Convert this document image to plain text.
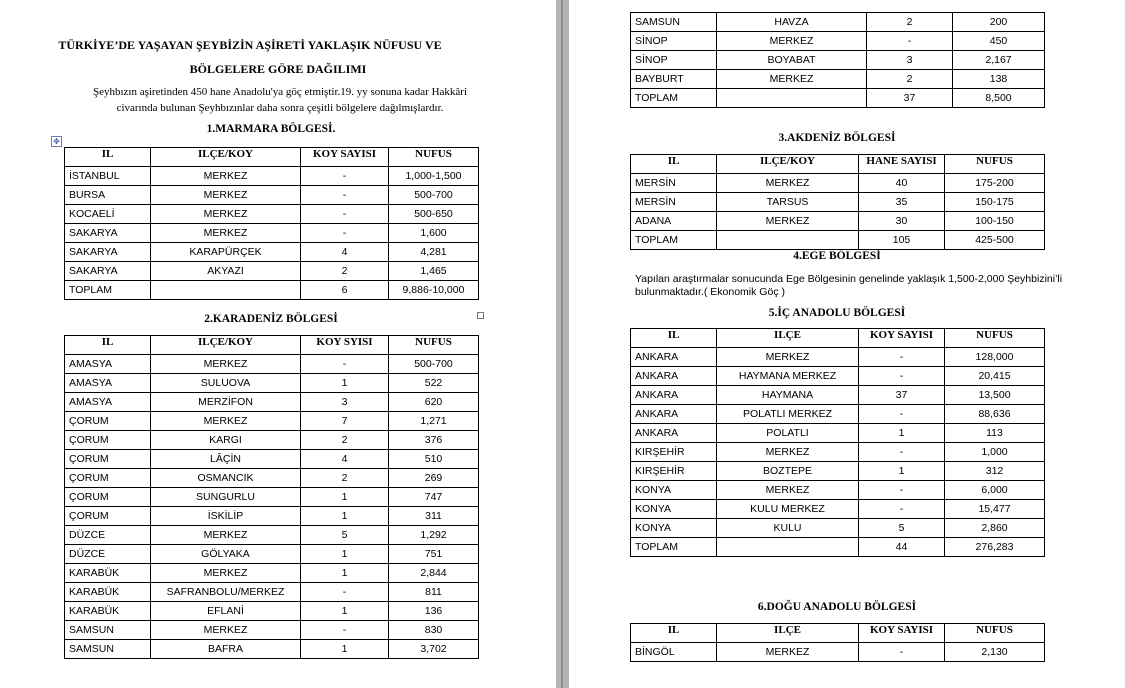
TÜRKİYE’DE YAŞAYAN ŞEYBİZİN AŞİRETİ YAKLAŞIK NÜFUSU VE
BÖLGELERE GÖRE DAĞILIMI
Şeyhbızın aşiretinden 450 hane Anadolu'ya göç etmiştir.19. yy sonuna kadar Hakkâri
civarında bulunan Şeyhbızınlar daha sonra çeşitli bölgelere dağılmışlardır.
1.MARMARA BÖLGESİ.
✥
IL	ILÇE/KOY	KOY SAYISI	NUFUS
İSTANBUL	MERKEZ	-	1,000-1,500
BURSA	MERKEZ	-	500-700
KOCAELİ	MERKEZ	-	500-650
SAKARYA	MERKEZ	-	1,600
SAKARYA	KARAPÜRÇEK	4	4,281
SAKARYA	AKYAZI	2	1,465
TOPLAM		6	9,886-10,000
2.KARADENİZ BÖLGESİ
IL	ILÇE/KOY	KOY SYISI	NUFUS
AMASYA	MERKEZ	-	500-700
AMASYA	SULUOVA	1	522
AMASYA	MERZİFON	3	620
ÇORUM	MERKEZ	7	1,271
ÇORUM	KARGI	2	376
ÇORUM	LÂÇİN	4	510
ÇORUM	OSMANCIK	2	269
ÇORUM	SUNGURLU	1	747
ÇORUM	İSKİLİP	1	311
DÜZCE	MERKEZ	5	1,292
DÜZCE	GÖLYAKA	1	751
KARABÜK	MERKEZ	1	2,844
KARABÜK	SAFRANBOLU/MERKEZ	-	811
KARABÜK	EFLANİ	1	136
SAMSUN	MERKEZ	-	830
SAMSUN	BAFRA	1	3,702
SAMSUN	HAVZA	2	200
SİNOP	MERKEZ	-	450
SİNOP	BOYABAT	3	2,167
BAYBURT	MERKEZ	2	138
TOPLAM		37	8,500
3.AKDENİZ BÖLGESİ
IL	ILÇE/KOY	HANE SAYISI	NUFUS
MERSİN	MERKEZ	40	175-200
MERSİN	TARSUS	35	150-175
ADANA	MERKEZ	30	100-150
TOPLAM		105	425-500
4.EGE BÖLGESİ
Yapılan araştırmalar sonucunda Ege Bölgesinin genelinde yaklaşık 1,500-2,000 Şeyhbizini’li
bulunmaktadır.( Ekonomik Göç )
5.İÇ ANADOLU BÖLGESİ
IL	ILÇE	KOY SAYISI	NUFUS
ANKARA	MERKEZ	-	128,000
ANKARA	HAYMANA MERKEZ	-	20,415
ANKARA	HAYMANA	37	13,500
ANKARA	POLATLI MERKEZ	-	88,636
ANKARA	POLATLI	1	113
KIRŞEHİR	MERKEZ	-	1,000
KIRŞEHİR	BOZTEPE	1	312
KONYA	MERKEZ	-	6,000
KONYA	KULU MERKEZ	-	15,477
KONYA	KULU	5	2,860
TOPLAM		44	276,283
6.DOĞU ANADOLU BÖLGESİ
IL	ILÇE	KOY SAYISI	NUFUS
BİNGÖL	MERKEZ	-	2,130
